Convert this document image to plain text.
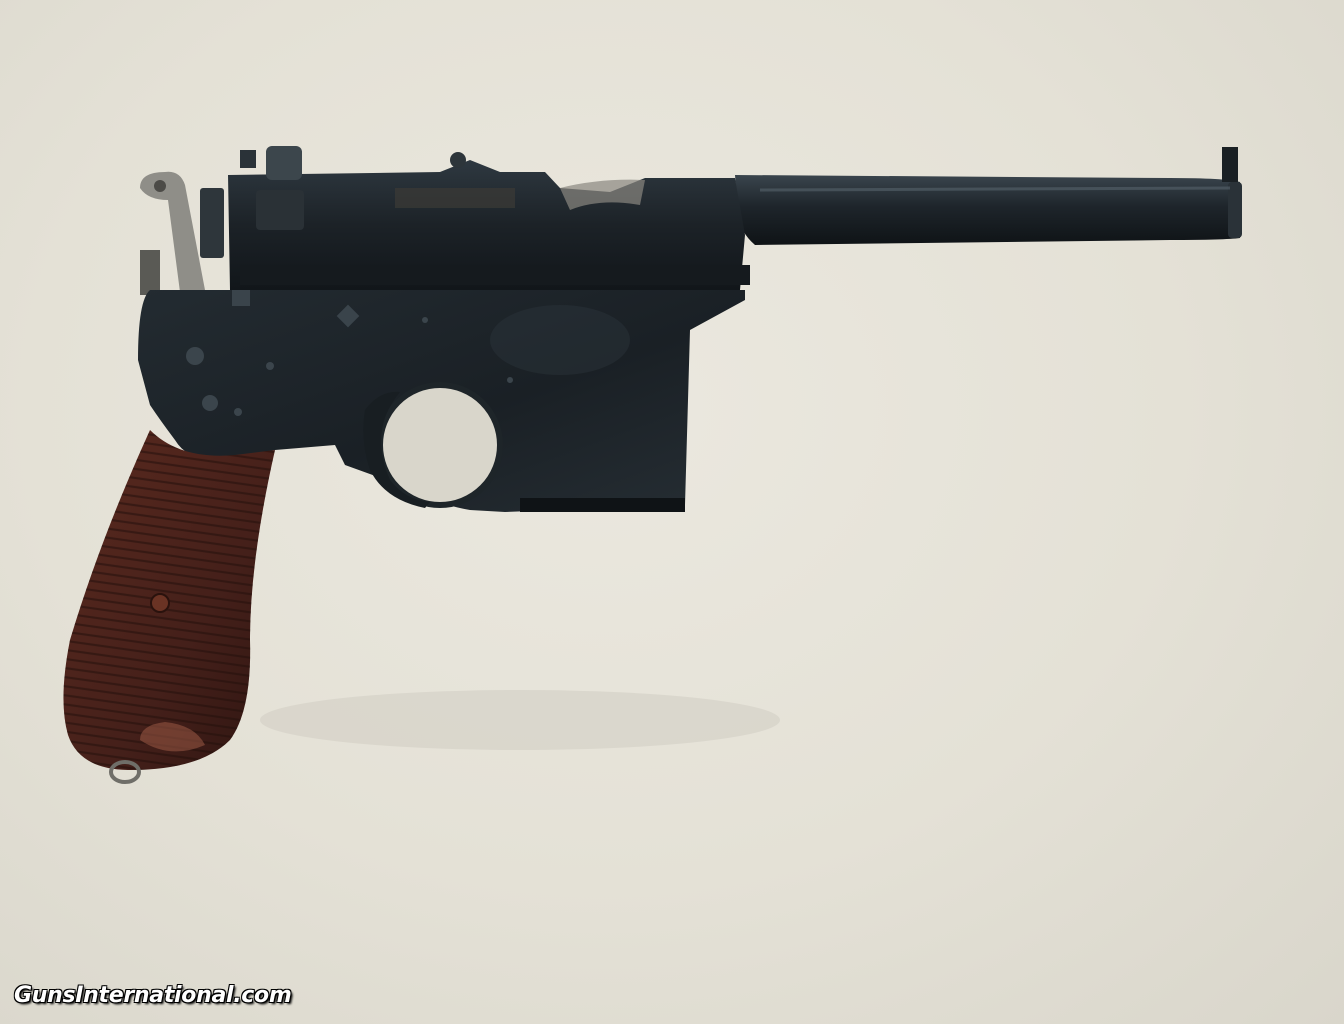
GunsInternational.com
